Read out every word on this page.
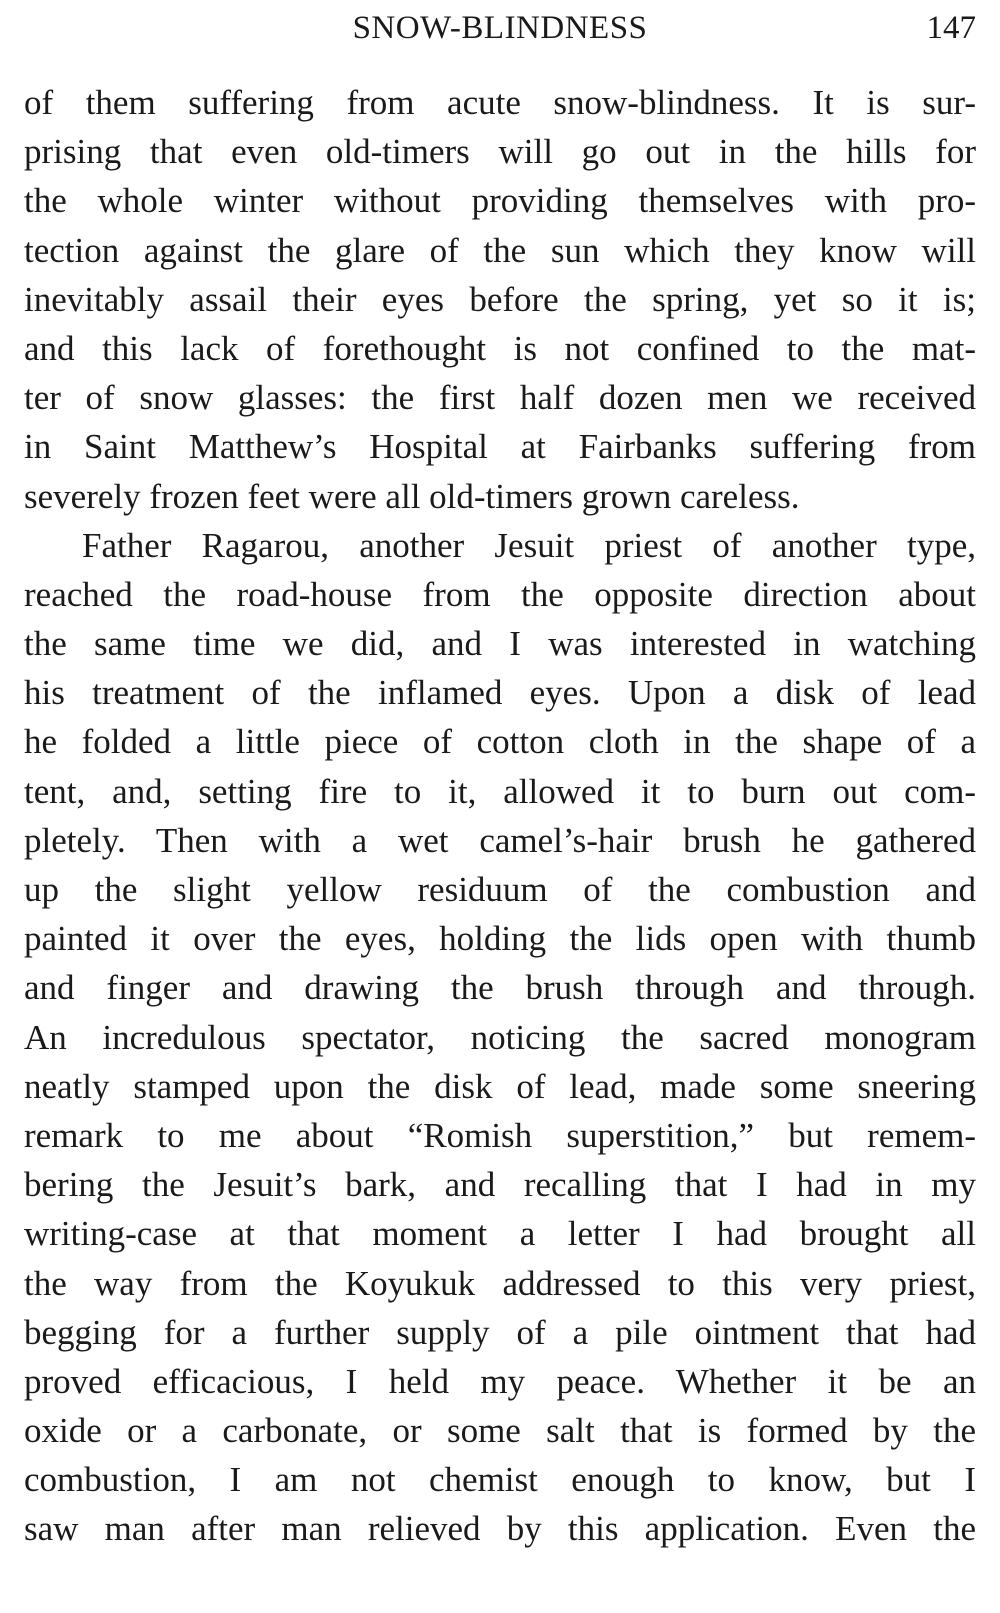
SNOW-BLINDNESS	147
of them suffering from acute snow-blindness. It is sur-
prising that even old-timers will go out in the hills for
the whole winter without providing themselves with pro-
tection against the glare of the sun which they know will
inevitably assail their eyes before the spring, yet so it is;
and this lack of forethought is not confined to the mat-
ter of snow glasses: the first half dozen men we received
in Saint Matthew’s Hospital at Fairbanks suffering from
severely frozen feet were all old-timers grown careless.
Father Ragarou, another Jesuit priest of another type,
reached the road-house from the opposite direction about
the same time we did, and I was interested in watching
his treatment of the inflamed eyes. Upon a disk of lead
he folded a little piece of cotton cloth in the shape of a
tent, and, setting fire to it, allowed it to burn out com-
pletely. Then with a wet camel’s-hair brush he gathered
up the slight yellow residuum of the combustion and
painted it over the eyes, holding the lids open with thumb
and finger and drawing the brush through and through.
An incredulous spectator, noticing the sacred monogram
neatly stamped upon the disk of lead, made some sneering
remark to me about “Romish superstition,” but remem-
bering the Jesuit’s bark, and recalling that I had in my
writing-case at that moment a letter I had brought all
the way from the Koyukuk addressed to this very priest,
begging for a further supply of a pile ointment that had
proved efficacious, I held my peace. Whether it be an
oxide or a carbonate, or some salt that is formed by the
combustion, I am not chemist enough to know, but I
saw man after man relieved by this application. Even the
